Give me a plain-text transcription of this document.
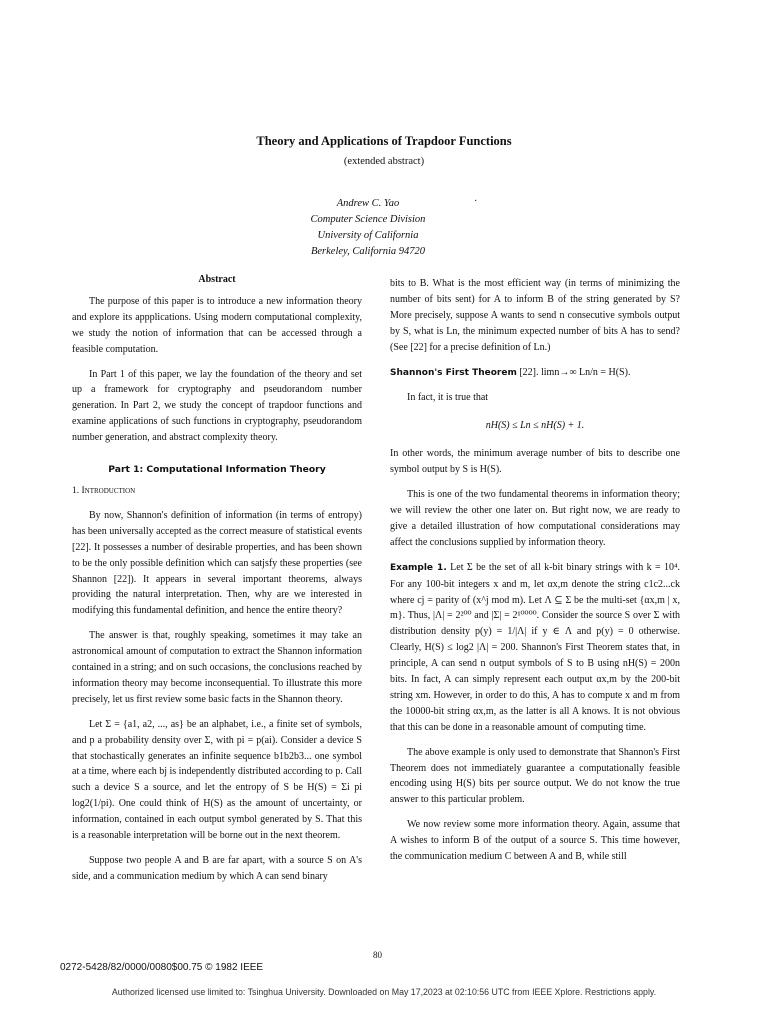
Theory and Applications of Trapdoor Functions
(extended abstract)
Andrew C. Yao
Computer Science Division
University of California
Berkeley, California 94720
·

Abstract

The purpose of this paper is to introduce a new information theory and explore its appplications. Using modern computational complexity, we study the notion of information that can be accessed through a feasible computation.

In Part 1 of this paper, we lay the foundation of the theory and set up a framework for cryptography and pseudorandom number generation. In Part 2, we study the concept of trapdoor functions and examine applications of such functions in cryptography, pseudorandom number generation, and abstract complexity theory.

Part 1: Computational Information Theory

1. Introduction

By now, Shannon's definition of information (in terms of entropy) has been universally accepted as the correct measure of statistical events [22]. It possesses a number of desirable properties, and has been shown to be the only possible definition which can satjsfy these properties (see Shannon [22]). It appears in several important theorems, always providing the natural interpretation. Then, why are we interested in modifying this fundamental definition, and hence the entire theory?

The answer is that, roughly speaking, sometimes it may take an astronomical amount of computation to extract the Shannon information contained in a string; and on such occasions, the conclusions reached by information theory may become inconsequential. To illustrate this more precisely, let us first review some basic facts in the Shannon theory.

Let Σ = {a1, a2, ..., as} be an alphabet, i.e., a finite set of symbols, and p a probability density over Σ, with pi = p(ai). Consider a device S that stochastically generates an infinite sequence b1b2b3... one symbol at a time, where each bj is independently distributed according to p. Call such a device S a source, and let the entropy of S be H(S) = Σi pi log2(1/pi). One could think of H(S) as the amount of uncertainty, or information, contained in each output symbol generated by S. That this is a reasonable interpretation will be borne out in the next theorem.

Suppose two people A and B are far apart, with a source S on A's side, and a communication medium by which A can send binary

bits to B. What is the most efficient way (in terms of minimizing the number of bits sent) for A to inform B of the string generated by S? More precisely, suppose A wants to send n consecutive symbols output by S, what is Ln, the minimum expected number of bits A has to send? (See [22] for a precise definition of Ln.)

Shannon's First Theorem [22]. limn→∞ Ln/n = H(S).

In fact, it is true that

nH(S) ≤ Ln ≤ nH(S) + 1.

In other words, the minimum average number of bits to describe one symbol output by S is H(S).

This is one of the two fundamental theorems in information theory; we will review the other one later on. But right now, we are ready to give a detailed illustration of how computational considerations may affect the conclusions supplied by information theory.

Example 1. Let Σ be the set of all k-bit binary strings with k = 10⁴. For any 100-bit integers x and m, let αx,m denote the string c1c2...ck where cj = parity of (x^j mod m). Let Λ ⊆ Σ be the multi-set {αx,m | x, m}. Thus, |Λ| = 2²⁰⁰ and |Σ| = 2¹⁰⁰⁰⁰. Consider the source S over Σ with distribution density p(y) = 1/|Λ| if y ∈ Λ and p(y) = 0 otherwise. Clearly, H(S) ≤ log2 |Λ| = 200. Shannon's First Theorem states that, in principle, A can send n output symbols of S to B using nH(S) = 200n bits. In fact, A can simply represent each output αx,m by the 200-bit string xm. However, in order to do this, A has to compute x and m from the 10000-bit string αx,m, as the latter is all A knows. It is not obvious that this can be done in a reasonable amount of computing time.

The above example is only used to demonstrate that Shannon's First Theorem does not immediately guarantee a computationally feasible encoding using H(S) bits per source output. We do not know the true answer to this particular problem.

We now review some more information theory. Again, assume that A wishes to inform B of the output of a source S. This time however, the communication medium C between A and B, while still

80
0272-5428/82/0000/0080$00.75 © 1982 IEEE
Authorized licensed use limited to: Tsinghua University. Downloaded on May 17,2023 at 02:10:56 UTC from IEEE Xplore. Restrictions apply.
